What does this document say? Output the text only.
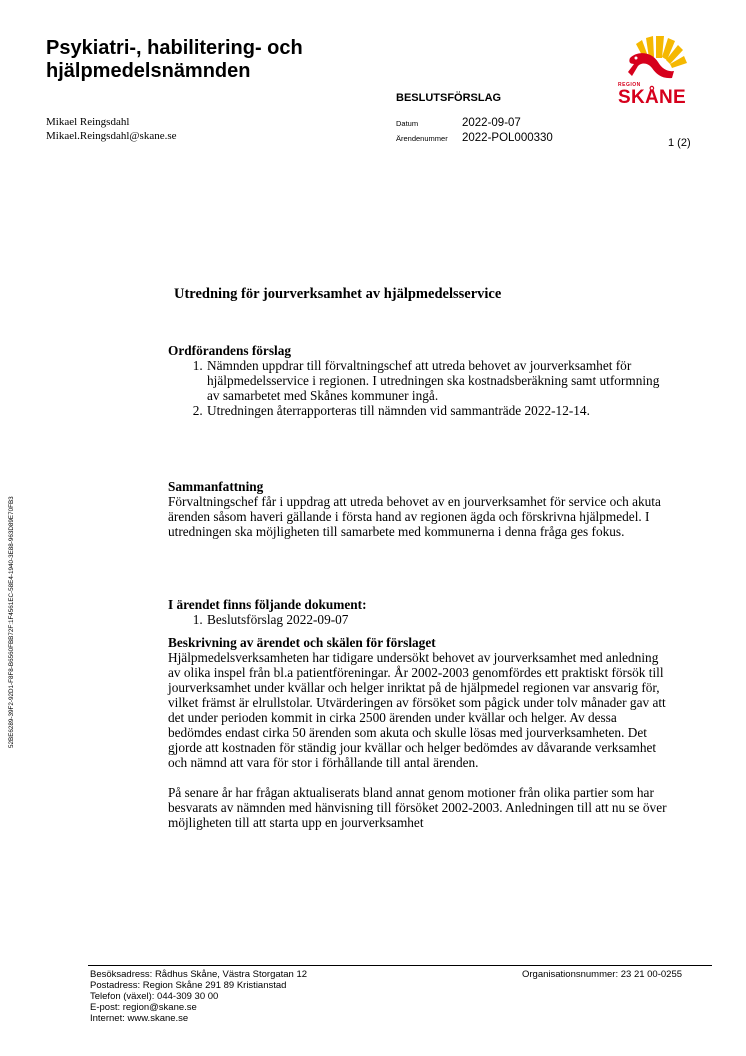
Psykiatri-, habilitering- och hjälpmedelsnämnden
BESLUTSFÖRSLAG
Datum	2022-09-07
Ärendenummer	2022-POL000330	1 (2)
Mikael Reingsdahl
Mikael.Reingsdahl@skane.se
REGION
SKÅNE
52BE6289-39F2-92D1-F8F8-B6560FBB72F:1F4561EC-58E4-1940-3E88-963D89E70FB3
Utredning för jourverksamhet av hjälpmedelsservice
Ordförandens förslag
1. Nämnden uppdrar till förvaltningschef att utreda behovet av jourverksamhet för hjälpmedelsservice i regionen. I utredningen ska kostnadsberäkning samt utformning av samarbetet med Skånes kommuner ingå.
2. Utredningen återrapporteras till nämnden vid sammanträde 2022-12-14.
Sammanfattning

Förvaltningschef får i uppdrag att utreda behovet av en jourverksamhet för service och akuta ärenden såsom haveri gällande i första hand av regionen ägda och förskrivna hjälpmedel. I utredningen ska möjligheten till samarbete med kommunerna i denna fråga ges fokus.

I ärendet finns följande dokument:
1. Beslutsförslag 2022-09-07
Beskrivning av ärendet och skälen för förslaget

Hjälpmedelsverksamheten har tidigare undersökt behovet av jourverksamhet med anledning av olika inspel från bl.a patientföreningar. År 2002-2003 genomfördes ett praktiskt försök till jourverksamhet under kvällar och helger inriktat på de hjälpmedel regionen var ansvarig för, vilket främst är elrullstolar. Utvärderingen av försöket som pågick under tolv månader gav att det under perioden kommit in cirka 2500 ärenden under kvällar och helger. Av dessa bedömdes endast cirka 50 ärenden som akuta och skulle lösas med jourverksamheten. Det gjorde att kostnaden för ständig jour kvällar och helger bedömdes av dåvarande verksamhet och nämnd att vara för stor i förhållande till antal ärenden.

På senare år har frågan aktualiserats bland annat genom motioner från olika partier som har besvarats av nämnden med hänvisning till försöket 2002-2003. Anledningen till att nu se över möjligheten till att starta upp en jourverksamhet

Besöksadress: Rådhus Skåne, Västra Storgatan 12
Postadress: Region Skåne 291 89 Kristianstad
Telefon (växel): 044-309 30 00
E-post: region@skane.se
Internet: www.skane.se
Organisationsnummer: 23 21 00-0255
